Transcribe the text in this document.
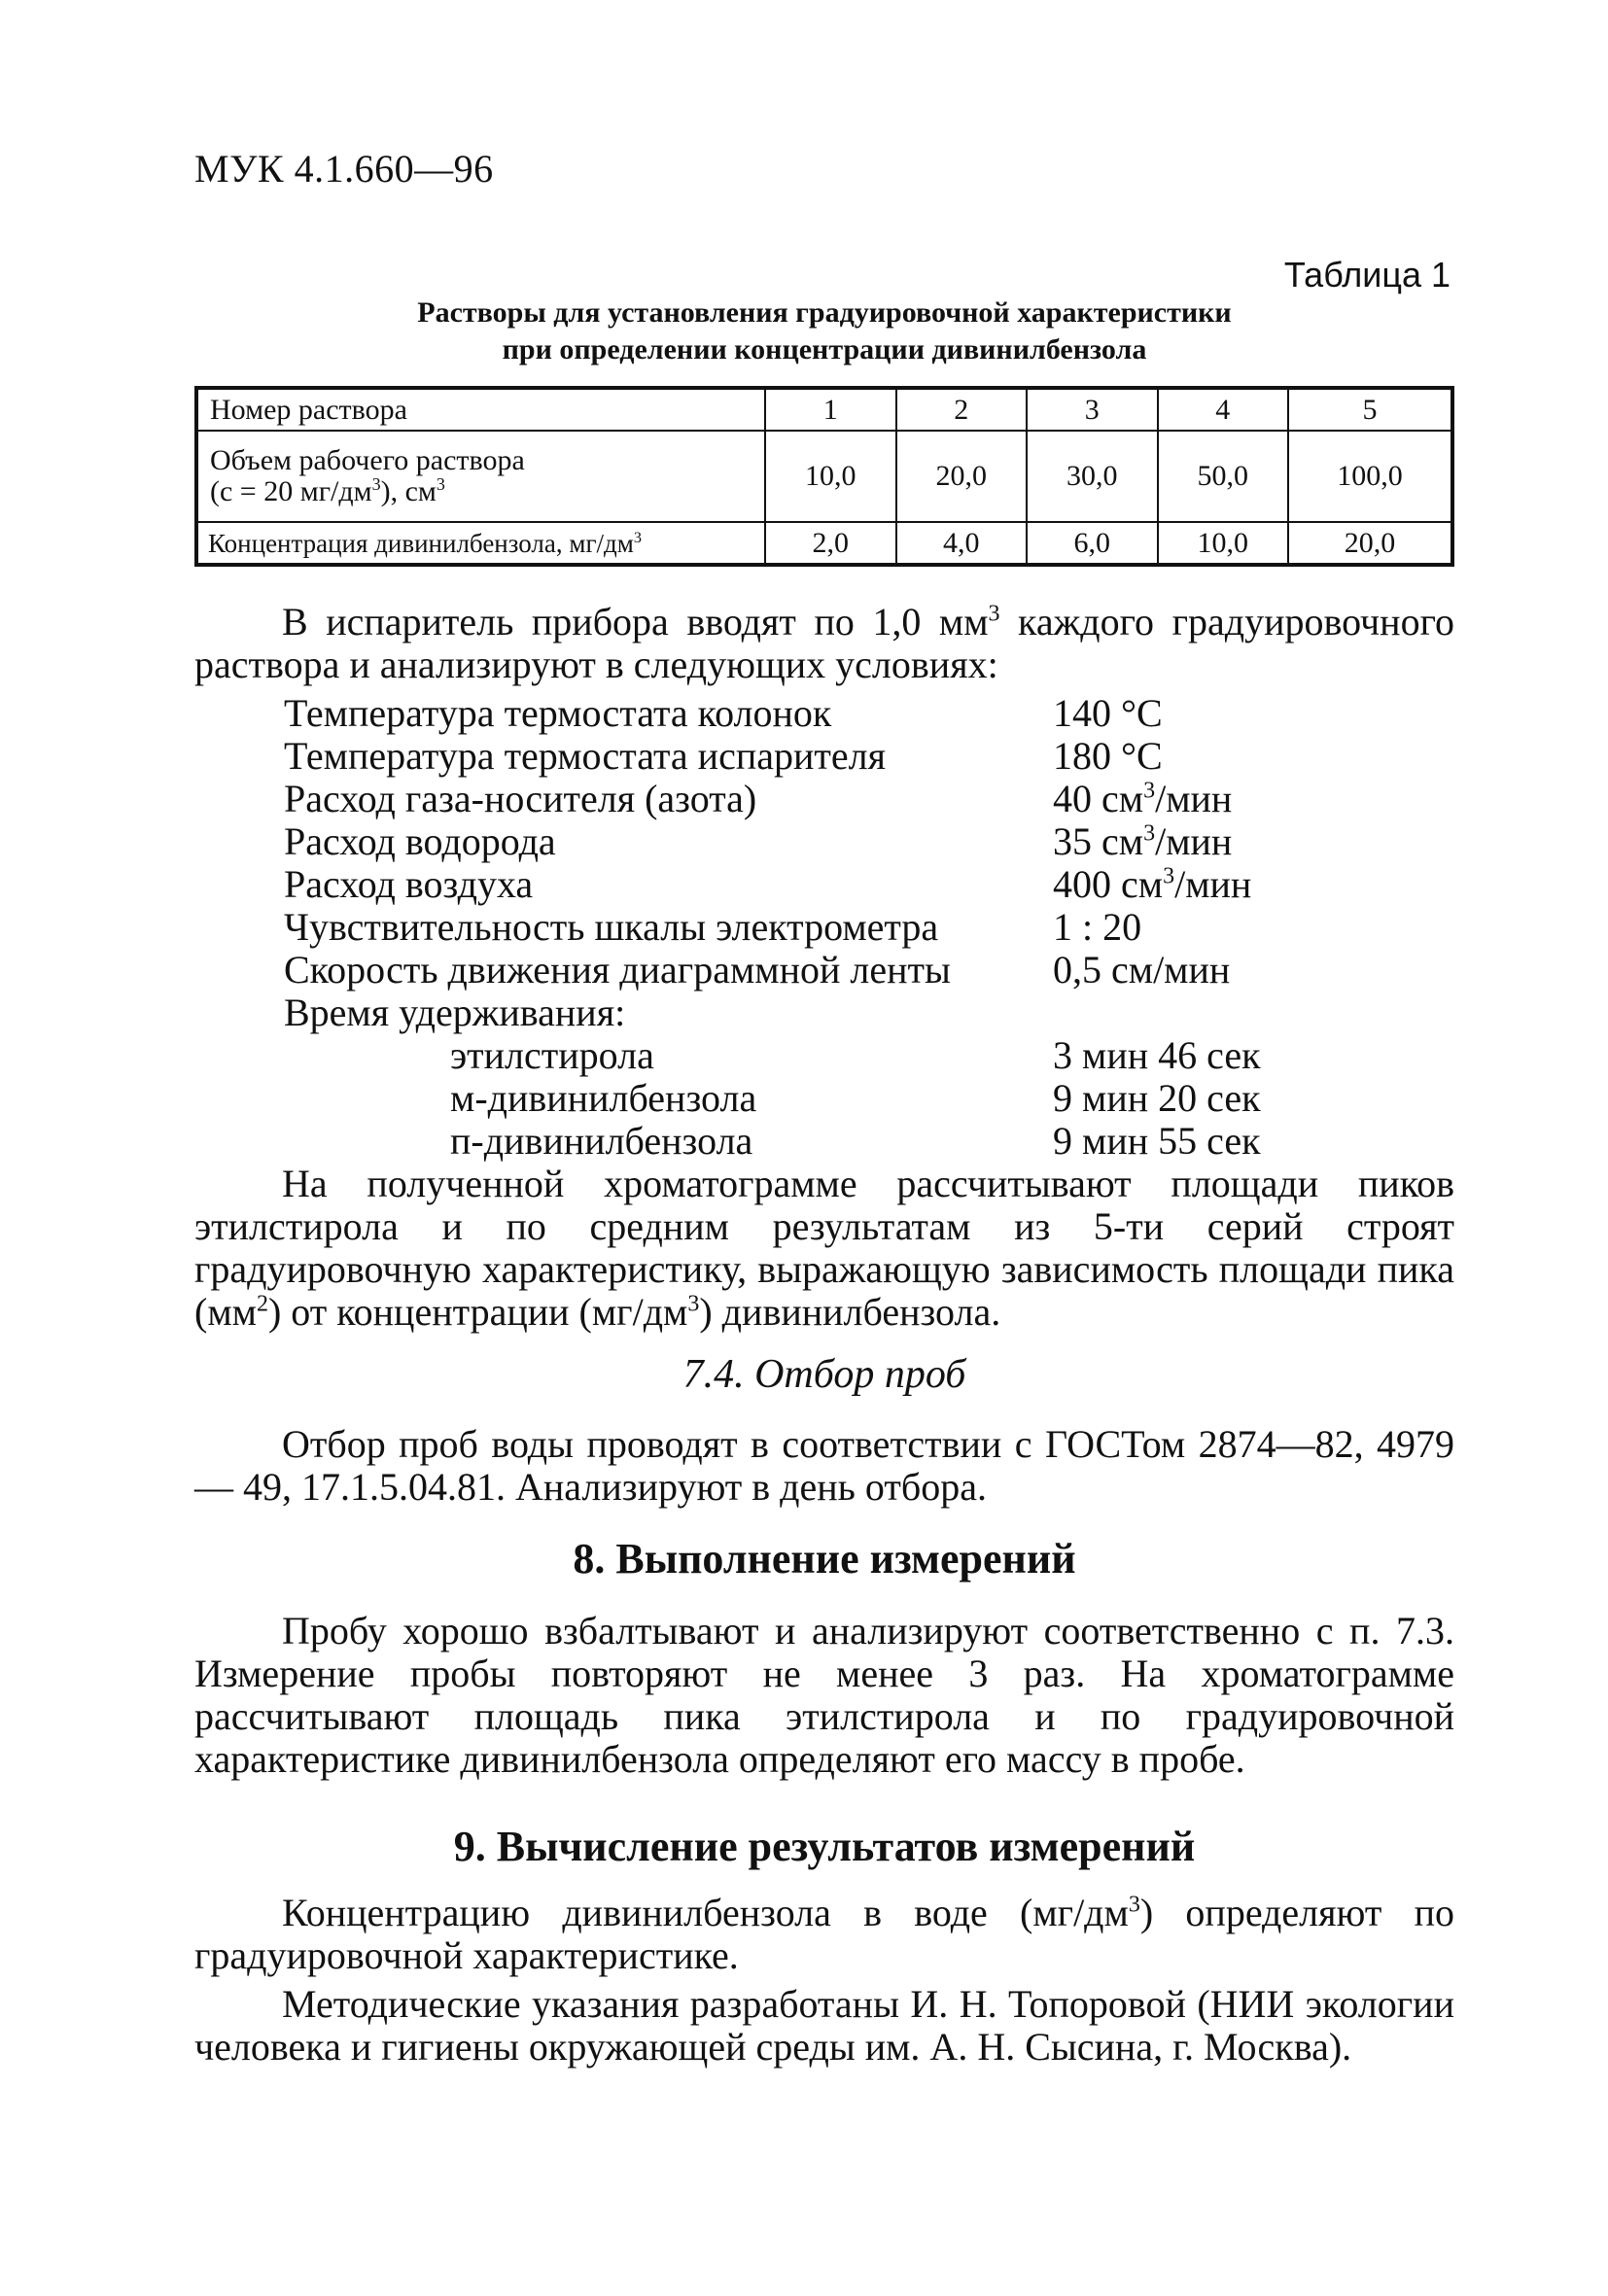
МУК 4.1.660—96
Таблица 1
Растворы для установления градуировочной характеристики
при определении концентрации дивинилбензола
Номер раствора	1	2	3	4	5
Объем рабочего раствора
(c = 20 $мг/дм^3$), $см^3$	10,0	20,0	30,0	50,0	100,0
Концентрация дивинилбензола, $мг/дм^3$	2,0	4,0	6,0	10,0	20,0

В испаритель прибора вводят по 1,0 $мм^3$ каждого градуировочного раствора и анализируют в следующих условиях:

Температура термостата колонок	140 °С
Температура термостата испарителя	180 °С
Расход газа-носителя (азота)	40 $см^3$/мин
Расход водорода	35 $см^3$/мин
Расход воздуха	400 $см^3$/мин
Чувствительность шкалы электрометра	1 : 20
Скорость движения диаграммной ленты	0,5 см/мин
Время удерживания:
этилстирола	3 мин 46 сек
м-дивинилбензола	9 мин 20 сек
п-дивинилбензола	9 мин 55 сек

На полученной хроматограмме рассчитывают площади пиков этилстирола и по средним результатам из 5-ти серий строят градуировочную характеристику, выражающую зависимость площади пика $(мм^2)$ от концентрации $(мг/дм^3)$ дивинилбензола.

7.4. Отбор проб

Отбор проб воды проводят в соответствии с ГОСТом 2874—82, 4979— 49, 17.1.5.04.81. Анализируют в день отбора.

8. Выполнение измерений

Пробу хорошо взбалтывают и анализируют соответственно с п. 7.3. Измерение пробы повторяют не менее 3 раз. На хроматограмме рассчитывают площадь пика этилстирола и по градуировочной характеристике дивинилбензола определяют его массу в пробе.

9. Вычисление результатов измерений

Концентрацию дивинилбензола в воде $(мг/дм^3)$ определяют по градуировочной характеристике.

Методические указания разработаны И. Н. Топоровой (НИИ экологии человека и гигиены окружающей среды им. А. Н. Сысина, г. Москва).
